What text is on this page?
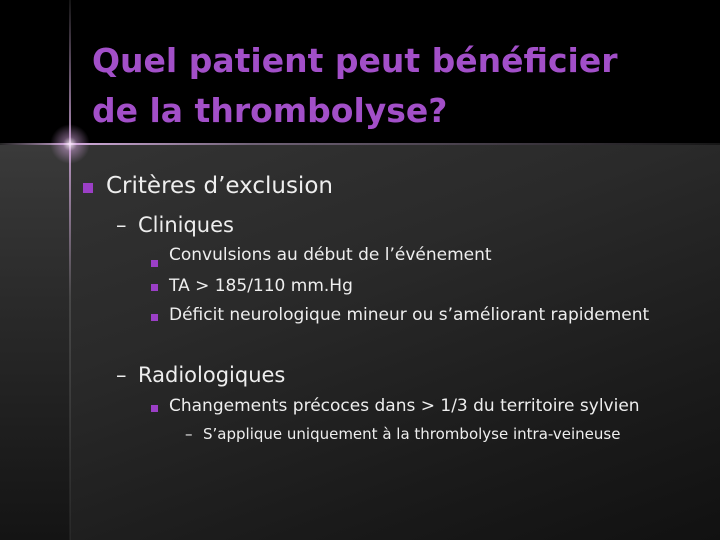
Quel patient peut bénéficier
de la thrombolyse?
Critères d’exclusion
– Cliniques
Convulsions au début de l’événement
TA > 185/110 mm.Hg
Déficit neurologique mineur ou s’améliorant rapidement
– Radiologiques
Changements précoces dans > 1/3 du territoire sylvien
– S’applique uniquement à la thrombolyse intra-veineuse
